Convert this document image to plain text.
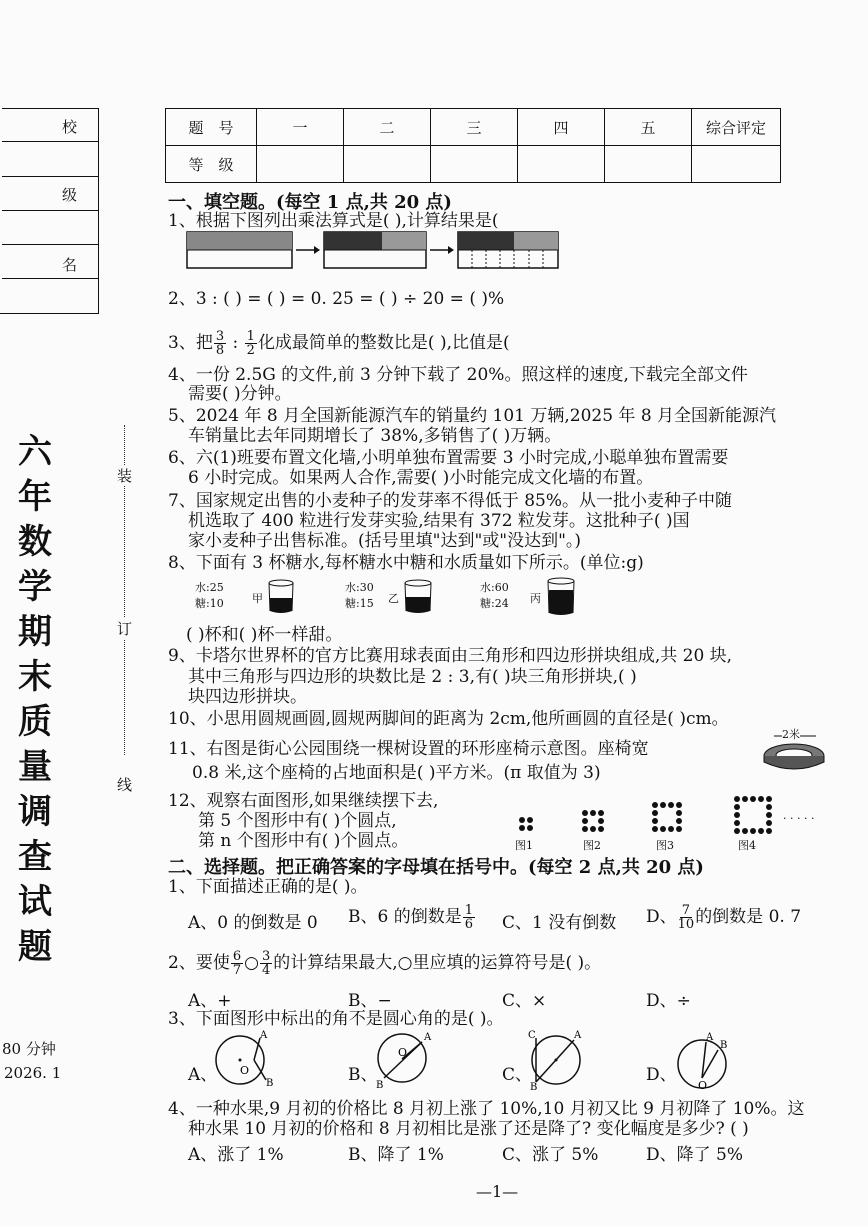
校
级
名
六
年
数
学
期
末
质
量
调
查
试
题
80 分钟
2026. 1
装
订
线
题　号	一	二	三	四	五	综合评定
等　级						
一、填空题。(每空 1 点,共 20 点)
1、根据下图列出乘法算式是( ),计算结果是(
2、3 : ( ) = ( ) = 0. 25 = ( ) ÷ 20 = ( )%
3、把 $\frac{3}{8}$ : $\frac{1}{2}$ 化成最简单的整数比是( ),比值是(
4、一份 2.5G 的文件,前 3 分钟下载了 20%。照这样的速度,下载完全部文件
需要( )分钟。
5、2024 年 8 月全国新能源汽车的销量约 101 万辆,2025 年 8 月全国新能源汽
车销量比去年同期增长了 38%,多销售了( )万辆。
6、六(1)班要布置文化墙,小明单独布置需要 3 小时完成,小聪单独布置需要
6 小时完成。如果两人合作,需要( )小时能完成文化墙的布置。
7、国家规定出售的小麦种子的发芽率不得低于 85%。从一批小麦种子中随
机选取了 400 粒进行发芽实验,结果有 372 粒发芽。这批种子( )国
家小麦种子出售标准。(括号里填"达到"或"没达到"。)
8、下面有 3 杯糖水,每杯糖水中糖和水质量如下所示。(单位:g)
水:25
糖:10	甲
水:30
糖:15 乙
水:60
糖:24 丙
( )杯和( )杯一样甜。
9、卡塔尔世界杯的官方比赛用球表面由三角形和四边形拼块组成,共 20 块,
其中三角形与四边形的块数比是 2 : 3,有( )块三角形拼块,( )
块四边形拼块。
10、小思用圆规画圆,圆规两脚间的距离为 2cm,他所画圆的直径是( )cm。
11、右图是街心公园围绕一棵树设置的环形座椅示意图。座椅宽
0.8 米,这个座椅的占地面积是( )平方米。(π 取值为 3)
2米
12、观察右面图形,如果继续摆下去,
第 5 个图形中有( )个圆点,
第 n 个图形中有( )个圆点。	图1	图2	图3	图4
· · · · ·
二、选择题。把正确答案的字母填在括号中。(每空 2 点,共 20 点)
1、下面描述正确的是( )。
A、0 的倒数是 0 B、6 的倒数是 $\frac{1}{6}$ C、1 没有倒数 D、 $\frac{7}{10}$ 的倒数是 0. 7
2、要使 $\frac{6}{7}$ ○ $\frac{3}{4}$ 的计算结果最大,○里应填的运算符号是( )。
A、+	B、−	C、×	D、÷
3、下面图形中标出的角不是圆心角的是( )。
A、 O
A
B	B、
O
A
B
C、
C	A
B
D、
O
A
B
4、一种水果,9 月初的价格比 8 月初上涨了 10%,10 月初又比 9 月初降了 10%。这
种水果 10 月初的价格和 8 月初相比是涨了还是降了? 变化幅度是多少? ( )
A、涨了 1%	B、降了 1%	C、涨了 5%	D、降了 5%
—1—
